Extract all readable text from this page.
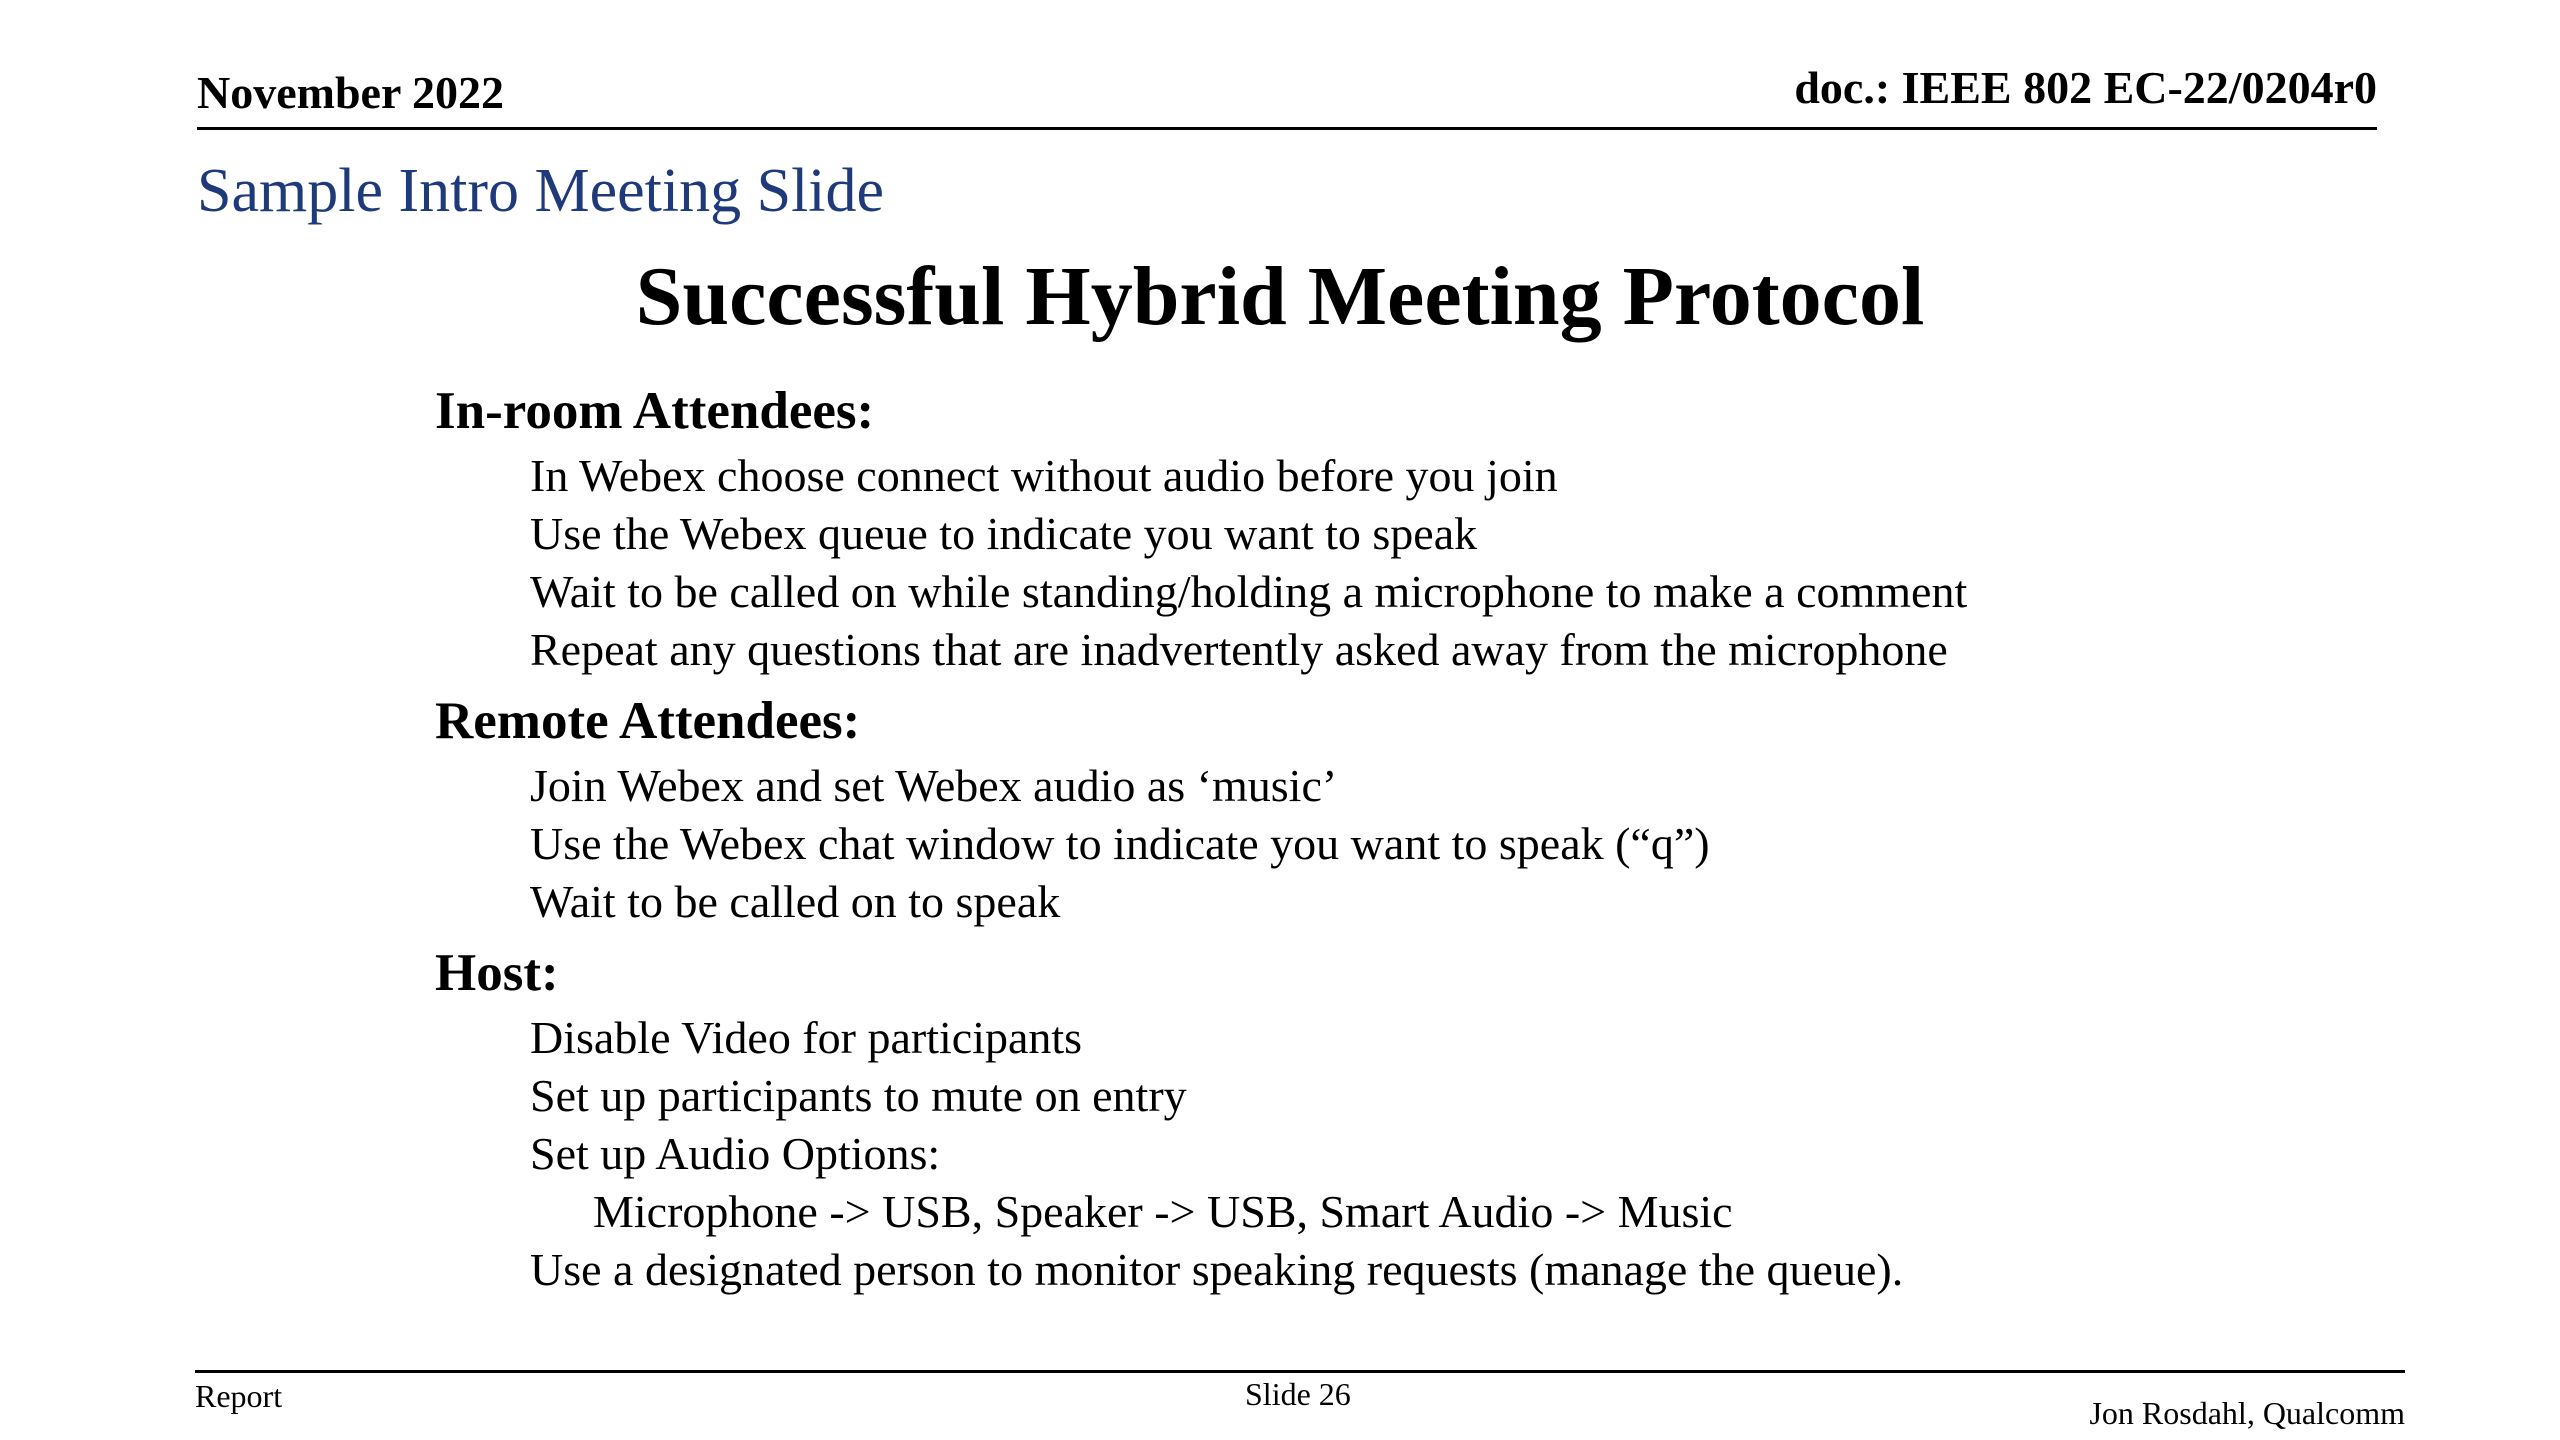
November 2022	doc.: IEEE 802 EC-22/0204r0
Sample Intro Meeting Slide
Successful Hybrid Meeting Protocol
In-room Attendees:
In Webex choose connect without audio before you join
Use the Webex queue to indicate you want to speak
Wait to be called on while standing/holding a microphone to make a comment
Repeat any questions that are inadvertently asked away from the microphone
Remote Attendees:
Join Webex and set Webex audio as ‘music’
Use the Webex chat window to indicate you want to speak (“q”)
Wait to be called on to speak
Host:
Disable Video for participants
Set up participants to mute on entry
Set up Audio Options:
Microphone -> USB, Speaker -> USB, Smart Audio -> Music
Use a designated person to monitor speaking requests (manage the queue).
Report	Slide 26
Jon Rosdahl, Qualcomm
